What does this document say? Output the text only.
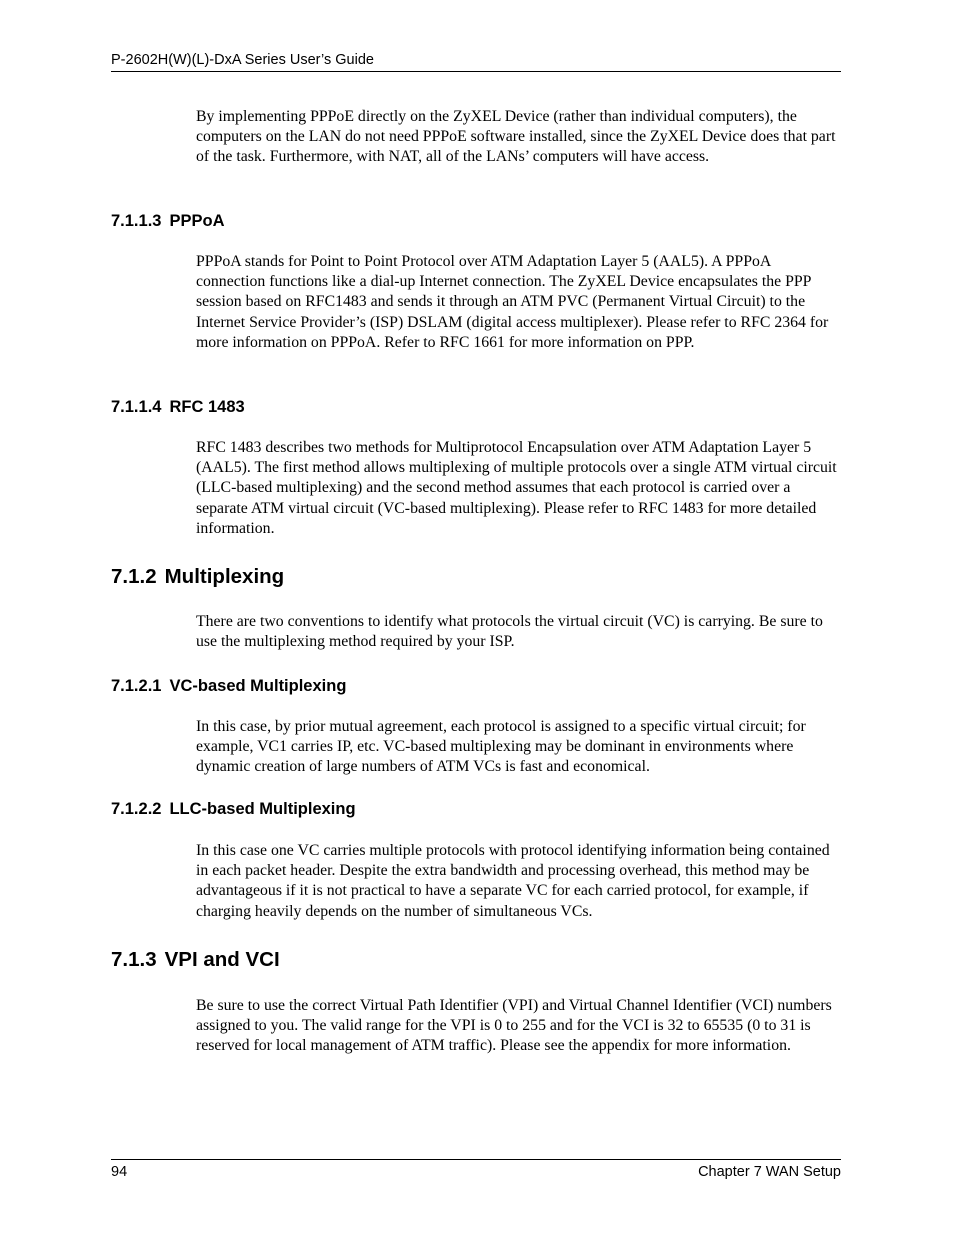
P-2602H(W)(L)-DxA Series User’s Guide

By implementing PPPoE directly on the ZyXEL Device (rather than individual computers), the computers on the LAN do not need PPPoE software installed, since the ZyXEL Device does that part of the task. Furthermore, with NAT, all of the LANs’ computers will have access.

7.1.1.3 PPPoA

PPPoA stands for Point to Point Protocol over ATM Adaptation Layer 5 (AAL5). A PPPoA connection functions like a dial-up Internet connection. The ZyXEL Device encapsulates the PPP session based on RFC1483 and sends it through an ATM PVC (Permanent Virtual Circuit) to the Internet Service Provider’s (ISP) DSLAM (digital access multiplexer). Please refer to RFC 2364 for more information on PPPoA. Refer to RFC 1661 for more information on PPP.

7.1.1.4 RFC 1483

RFC 1483 describes two methods for Multiprotocol Encapsulation over ATM Adaptation Layer 5 (AAL5). The first method allows multiplexing of multiple protocols over a single ATM virtual circuit (LLC-based multiplexing) and the second method assumes that each protocol is carried over a separate ATM virtual circuit (VC-based multiplexing). Please refer to RFC 1483 for more detailed information.

7.1.2 Multiplexing

There are two conventions to identify what protocols the virtual circuit (VC) is carrying. Be sure to use the multiplexing method required by your ISP.

7.1.2.1 VC-based Multiplexing

In this case, by prior mutual agreement, each protocol is assigned to a specific virtual circuit; for example, VC1 carries IP, etc. VC-based multiplexing may be dominant in environments where dynamic creation of large numbers of ATM VCs is fast and economical.

7.1.2.2 LLC-based Multiplexing

In this case one VC carries multiple protocols with protocol identifying information being contained in each packet header. Despite the extra bandwidth and processing overhead, this method may be advantageous if it is not practical to have a separate VC for each carried protocol, for example, if charging heavily depends on the number of simultaneous VCs.

7.1.3 VPI and VCI

Be sure to use the correct Virtual Path Identifier (VPI) and Virtual Channel Identifier (VCI) numbers assigned to you. The valid range for the VPI is 0 to 255 and for the VCI is 32 to 65535 (0 to 31 is reserved for local management of ATM traffic). Please see the appendix for more information.

94	Chapter 7 WAN Setup
